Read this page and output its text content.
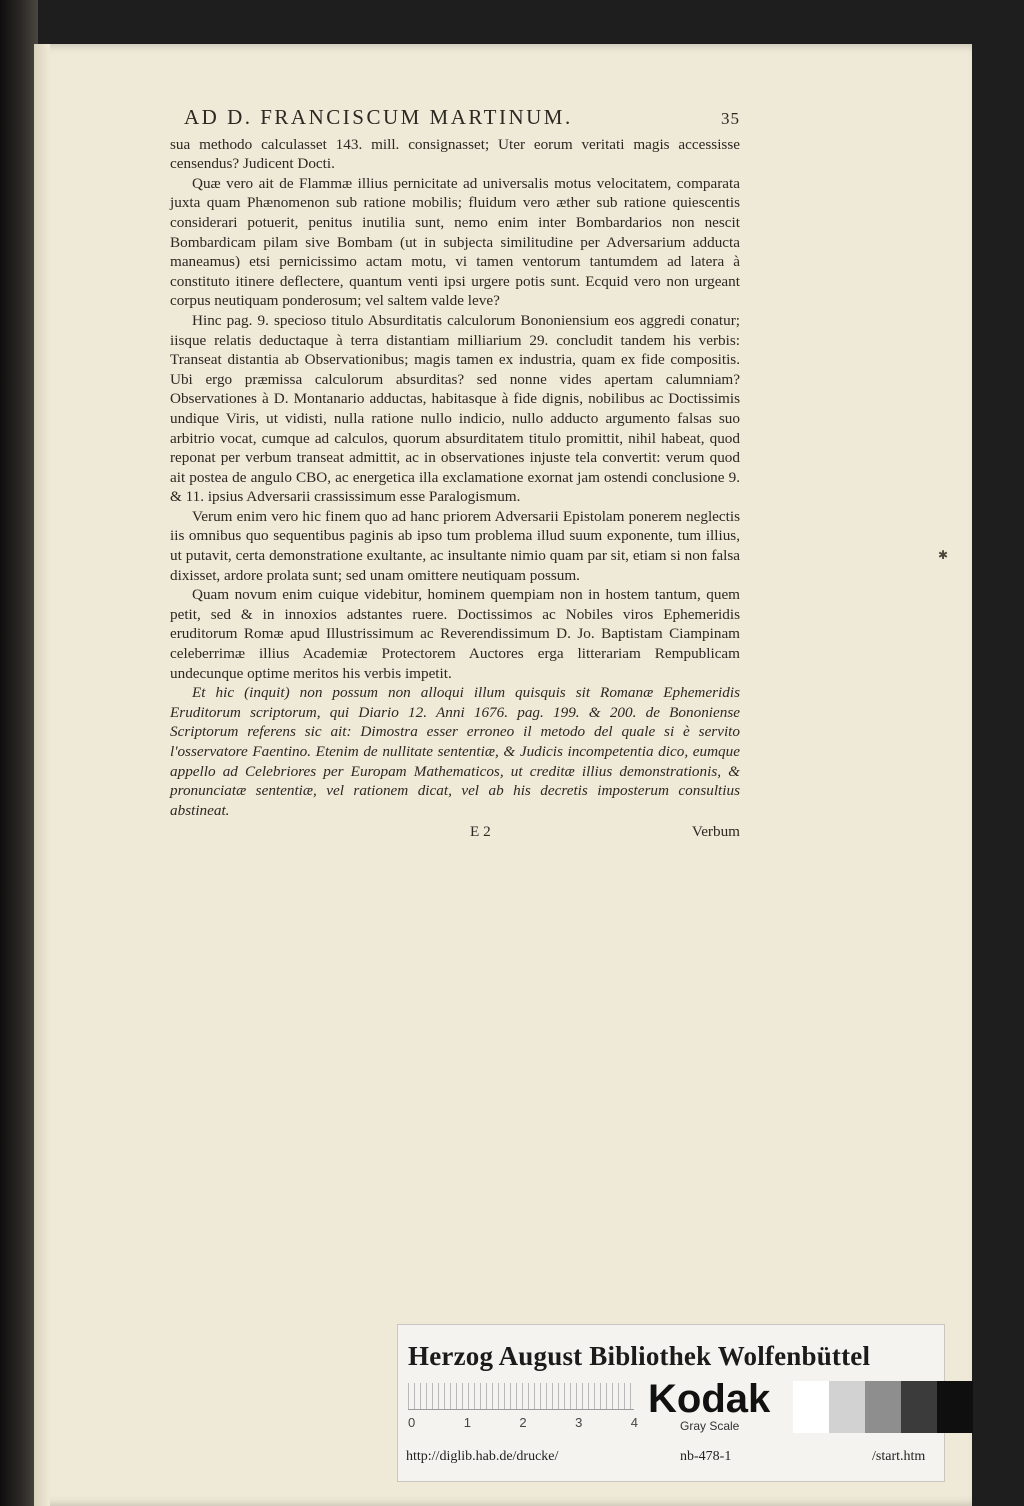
AD D. FRANCISCUM MARTINUM.	35

sua methodo calculasset 143. mill. consignasset; Uter eorum veritati magis accessisse censendus? Judicent Docti.

Quæ vero ait de Flammæ illius pernicitate ad universalis motus velocitatem, comparata juxta quam Phænomenon sub ratione mobilis; fluidum vero æther sub ratione quiescentis considerari potuerit, penitus inutilia sunt, nemo enim inter Bombardarios non nescit Bombardicam pilam sive Bombam (ut in subjecta similitudine per Adversarium adducta maneamus) etsi pernicissimo actam motu, vi tamen ventorum tantumdem ad latera à constituto itinere deflectere, quantum venti ipsi urgere potis sunt. Ecquid vero non urgeant corpus neutiquam ponderosum; vel saltem valde leve?

Hinc pag. 9. specioso titulo Absurditatis calculorum Bononiensium eos aggredi conatur; iisque relatis deductaque à terra distantiam milliarium 29. concludit tandem his verbis: Transeat distantia ab Observationibus; magis tamen ex industria, quam ex fide compositis. Ubi ergo præmissa calculorum absurditas? sed nonne vides apertam calumniam? Observationes à D. Montanario adductas, habitasque à fide dignis, nobilibus ac Doctissimis undique Viris, ut vidisti, nulla ratione nullo indicio, nullo adducto argumento falsas suo arbitrio vocat, cumque ad calculos, quorum absurditatem titulo promittit, nihil habeat, quod reponat per verbum transeat admittit, ac in observationes injuste tela convertit: verum quod ait postea de angulo CBO, ac energetica illa exclamatione exornat jam ostendi conclusione 9. & 11. ipsius Adversarii crassissimum esse Paralogismum.

Verum enim vero hic finem quo ad hanc priorem Adversarii Epistolam ponerem neglectis iis omnibus quo sequentibus paginis ab ipso tum problema illud suum exponente, tum illius, ut putavit, certa demonstratione exultante, ac insultante nimio quam par sit, etiam si non falsa dixisset, ardore prolata sunt; sed unam omittere neutiquam possum.

Quam novum enim cuique videbitur, hominem quempiam non in hostem tantum, quem petit, sed & in innoxios adstantes ruere. Doctissimos ac Nobiles viros Ephemeridis eruditorum Romæ apud Illustrissimum ac Reverendissimum D. Jo. Baptistam Ciampinam celeberrimæ illius Academiæ Protectorem Auctores erga litterariam Rempublicam undecunque optime meritos his verbis impetit.

Et hic (inquit) non possum non alloqui illum quisquis sit Romanæ Ephemeridis Eruditorum scriptorum, qui Diario 12. Anni 1676. pag. 199. & 200. de Bononiense Scriptorum referens sic ait: Dimostra esser erroneo il metodo del quale si è servito l'osservatore Faentino. Etenim de nullitate sententiæ, & Judicis incompetentia dico, eumque appello ad Celebriores per Europam Mathematicos, ut creditæ illius demonstrationis, & pronunciatæ sententiæ, vel rationem dicat, vel ab his decretis imposterum consultius abstineat.

E 2	Verbum
✱
Herzog August Bibliothek Wolfenbüttel
0	1	2	3	4
Kodak
Gray Scale
http://diglib.hab.de/drucke/	nb-478-1	/start.htm
